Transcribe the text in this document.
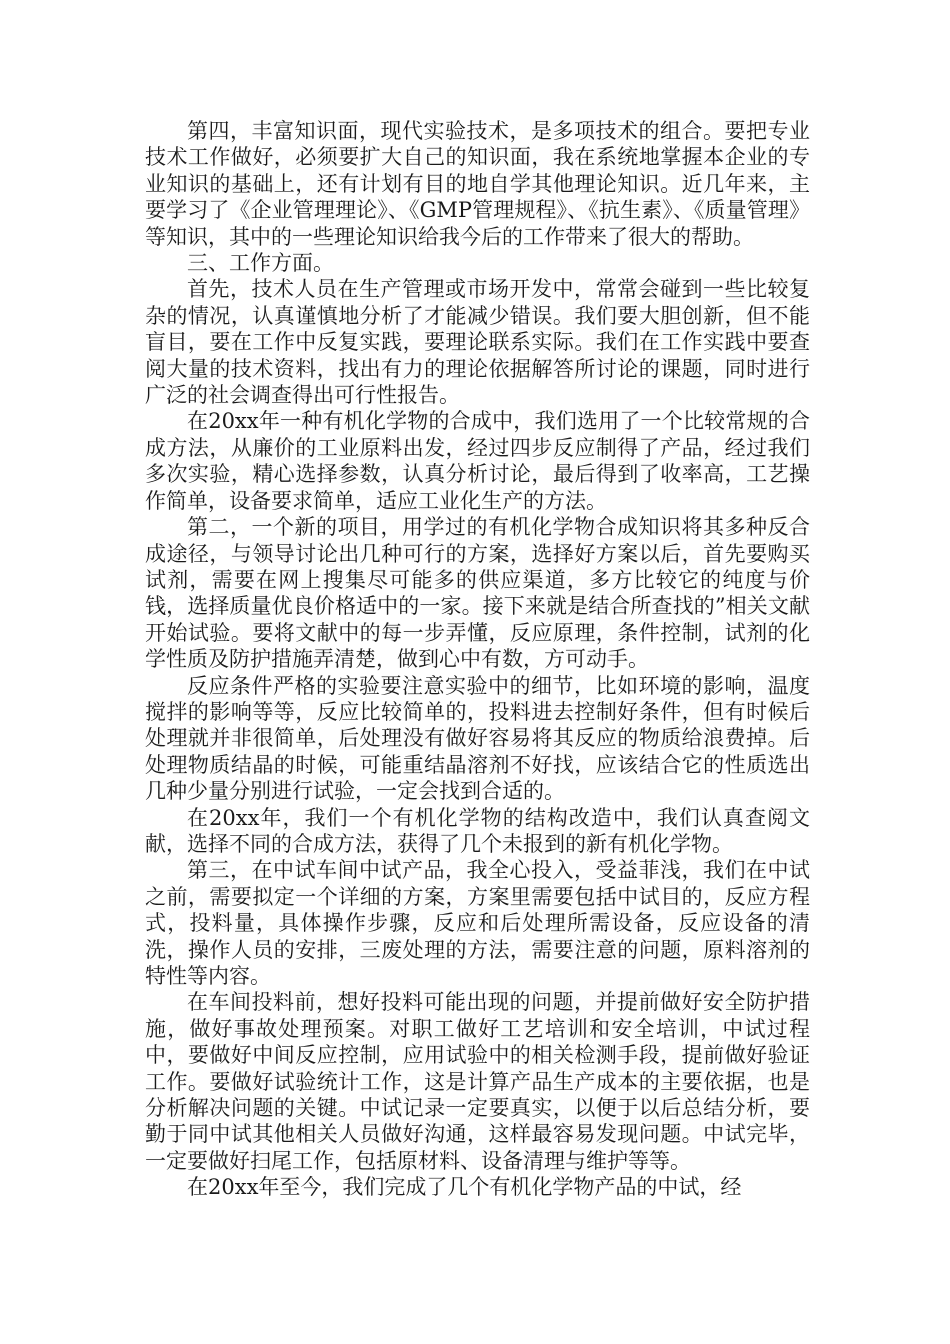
第四，丰富知识面，现代实验技术，是多项技术的组合。要把专业技术工作做好，必须要扩大自己的知识面，我在系统地掌握本企业的专业知识的基础上，还有计划有目的地自学其他理论知识。近几年来，主要学习了《企业管理理论》、《GMP管理规程》、《抗生素》、《质量管理》等知识，其中的一些理论知识给我今后的工作带来了很大的帮助。

三、工作方面。

首先，技术人员在生产管理或市场开发中，常常会碰到一些比较复杂的情况，认真谨慎地分析了才能减少错误。我们要大胆创新，但不能盲目，要在工作中反复实践，要理论联系实际。我们在工作实践中要查阅大量的技术资料，找出有力的理论依据解答所讨论的课题，同时进行广泛的社会调查得出可行性报告。

在20xx年一种有机化学物的合成中，我们选用了一个比较常规的合成方法，从廉价的工业原料出发，经过四步反应制得了产品，经过我们多次实验，精心选择参数，认真分析讨论，最后得到了收率高，工艺操作简单，设备要求简单，适应工业化生产的方法。

第二，一个新的项目，用学过的有机化学物合成知识将其多种反合成途径，与领导讨论出几种可行的方案，选择好方案以后，首先要购买试剂，需要在网上搜集尽可能多的供应渠道，多方比较它的纯度与价钱，选择质量优良价格适中的一家。接下来就是结合所查找的”相关文献开始试验。要将文献中的每一步弄懂，反应原理，条件控制，试剂的化学性质及防护措施弄清楚，做到心中有数，方可动手。

反应条件严格的实验要注意实验中的细节，比如环境的影响，温度搅拌的影响等等，反应比较简单的，投料进去控制好条件，但有时候后处理就并非很简单，后处理没有做好容易将其反应的物质给浪费掉。后处理物质结晶的时候，可能重结晶溶剂不好找，应该结合它的性质选出几种少量分别进行试验，一定会找到合适的。

在20xx年，我们一个有机化学物的结构改造中，我们认真查阅文献，选择不同的合成方法，获得了几个未报到的新有机化学物。

第三，在中试车间中试产品，我全心投入，受益菲浅，我们在中试之前，需要拟定一个详细的方案，方案里需要包括中试目的，反应方程式，投料量，具体操作步骤，反应和后处理所需设备，反应设备的清洗，操作人员的安排，三废处理的方法，需要注意的问题，原料溶剂的特性等内容。

在车间投料前，想好投料可能出现的问题，并提前做好安全防护措施，做好事故处理预案。对职工做好工艺培训和安全培训，中试过程中，要做好中间反应控制，应用试验中的相关检测手段，提前做好验证工作。要做好试验统计工作，这是计算产品生产成本的主要依据，也是分析解决问题的关键。中试记录一定要真实，以便于以后总结分析，要勤于同中试其他相关人员做好沟通，这样最容易发现问题。中试完毕，一定要做好扫尾工作，包括原材料、设备清理与维护等等。

在20xx年至今，我们完成了几个有机化学物产品的中试，经
